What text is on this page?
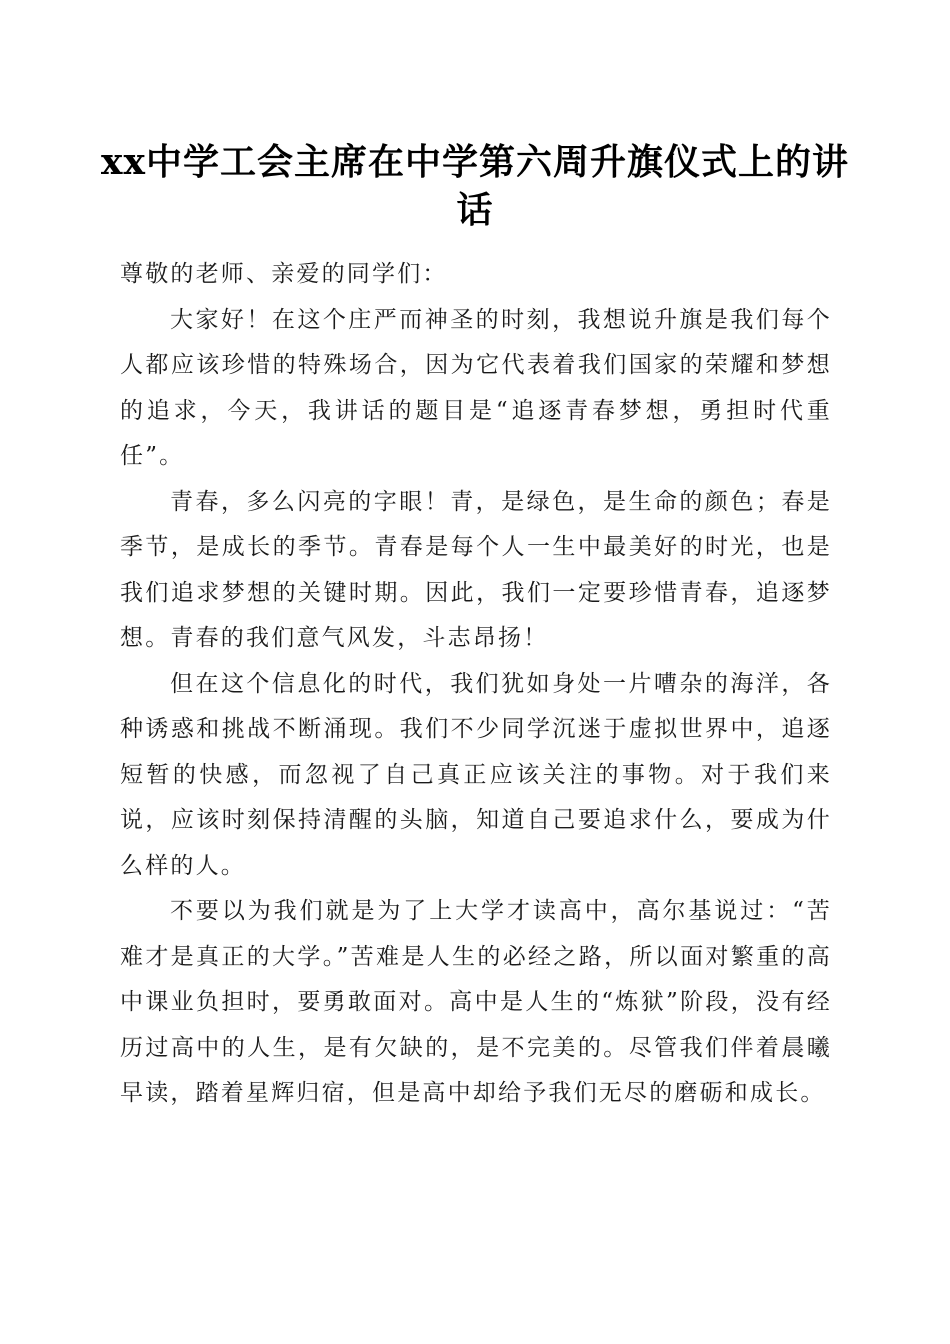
xx中学工会主席在中学第六周升旗仪式上的讲话

尊敬的老师、亲爱的同学们：

大家好！在这个庄严而神圣的时刻，我想说升旗是我们每个人都应该珍惜的特殊场合，因为它代表着我们国家的荣耀和梦想的追求，今天，我讲话的题目是“追逐青春梦想，勇担时代重任”。

青春，多么闪亮的字眼！青，是绿色，是生命的颜色；春是季节，是成长的季节。青春是每个人一生中最美好的时光，也是我们追求梦想的关键时期。因此，我们一定要珍惜青春，追逐梦想。青春的我们意气风发，斗志昂扬！

但在这个信息化的时代，我们犹如身处一片嘈杂的海洋，各种诱惑和挑战不断涌现。我们不少同学沉迷于虚拟世界中，追逐短暂的快感，而忽视了自己真正应该关注的事物。对于我们来说，应该时刻保持清醒的头脑，知道自己要追求什么，要成为什么样的人。

不要以为我们就是为了上大学才读高中，高尔基说过：“苦难才是真正的大学。”苦难是人生的必经之路，所以面对繁重的高中课业负担时，要勇敢面对。高中是人生的“炼狱”阶段，没有经历过高中的人生，是有欠缺的，是不完美的。尽管我们伴着晨曦早读，踏着星辉归宿，但是高中却给予我们无尽的磨砺和成长。
